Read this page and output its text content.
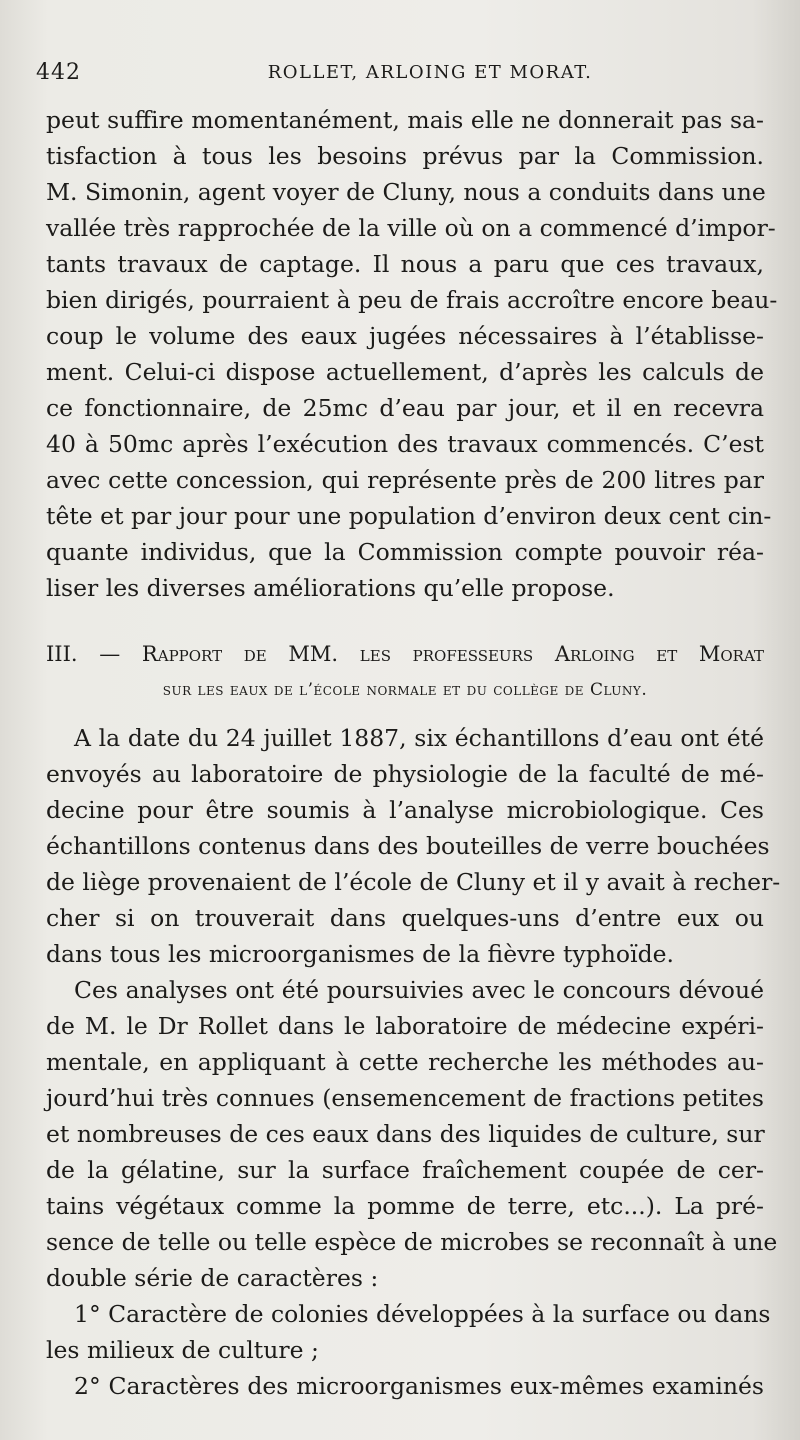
442	ROLLET, ARLOING ET MORAT.
peut suffire momentanément, mais elle ne donnerait pas sa-
tisfaction à tous les besoins prévus par la Commission.
M. Simonin, agent voyer de Cluny, nous a conduits dans une
vallée très rapprochée de la ville où on a commencé d’impor-
tants travaux de captage. Il nous a paru que ces travaux,
bien dirigés, pourraient à peu de frais accroître encore beau-
coup le volume des eaux jugées nécessaires à l’établisse-
ment. Celui-ci dispose actuellement, d’après les calculs de
ce fonctionnaire, de 25mc d’eau par jour, et il en recevra
40 à 50mc après l’exécution des travaux commencés. C’est
avec cette concession, qui représente près de 200 litres par
tête et par jour pour une population d’environ deux cent cin-
quante individus, que la Commission compte pouvoir réa-
liser les diverses améliorations qu’elle propose.
III. — Rapport de MM. les professeurs Arloing et Morat
sur les eaux de l’école normale et du collège de Cluny.
A la date du 24 juillet 1887, six échantillons d’eau ont été
envoyés au laboratoire de physiologie de la faculté de mé-
decine pour être soumis à l’analyse microbiologique. Ces
échantillons contenus dans des bouteilles de verre bouchées
de liège provenaient de l’école de Cluny et il y avait à recher-
cher si on trouverait dans quelques-uns d’entre eux ou
dans tous les microorganismes de la fièvre typhoïde.
Ces analyses ont été poursuivies avec le concours dévoué
de M. le Dr Rollet dans le laboratoire de médecine expéri-
mentale, en appliquant à cette recherche les méthodes au-
jourd’hui très connues (ensemencement de fractions petites
et nombreuses de ces eaux dans des liquides de culture, sur
de la gélatine, sur la surface fraîchement coupée de cer-
tains végétaux comme la pomme de terre, etc...). La pré-
sence de telle ou telle espèce de microbes se reconnaît à une
double série de caractères :
1° Caractère de colonies développées à la surface ou dans
les milieux de culture ;
2° Caractères des microorganismes eux-mêmes examinés
